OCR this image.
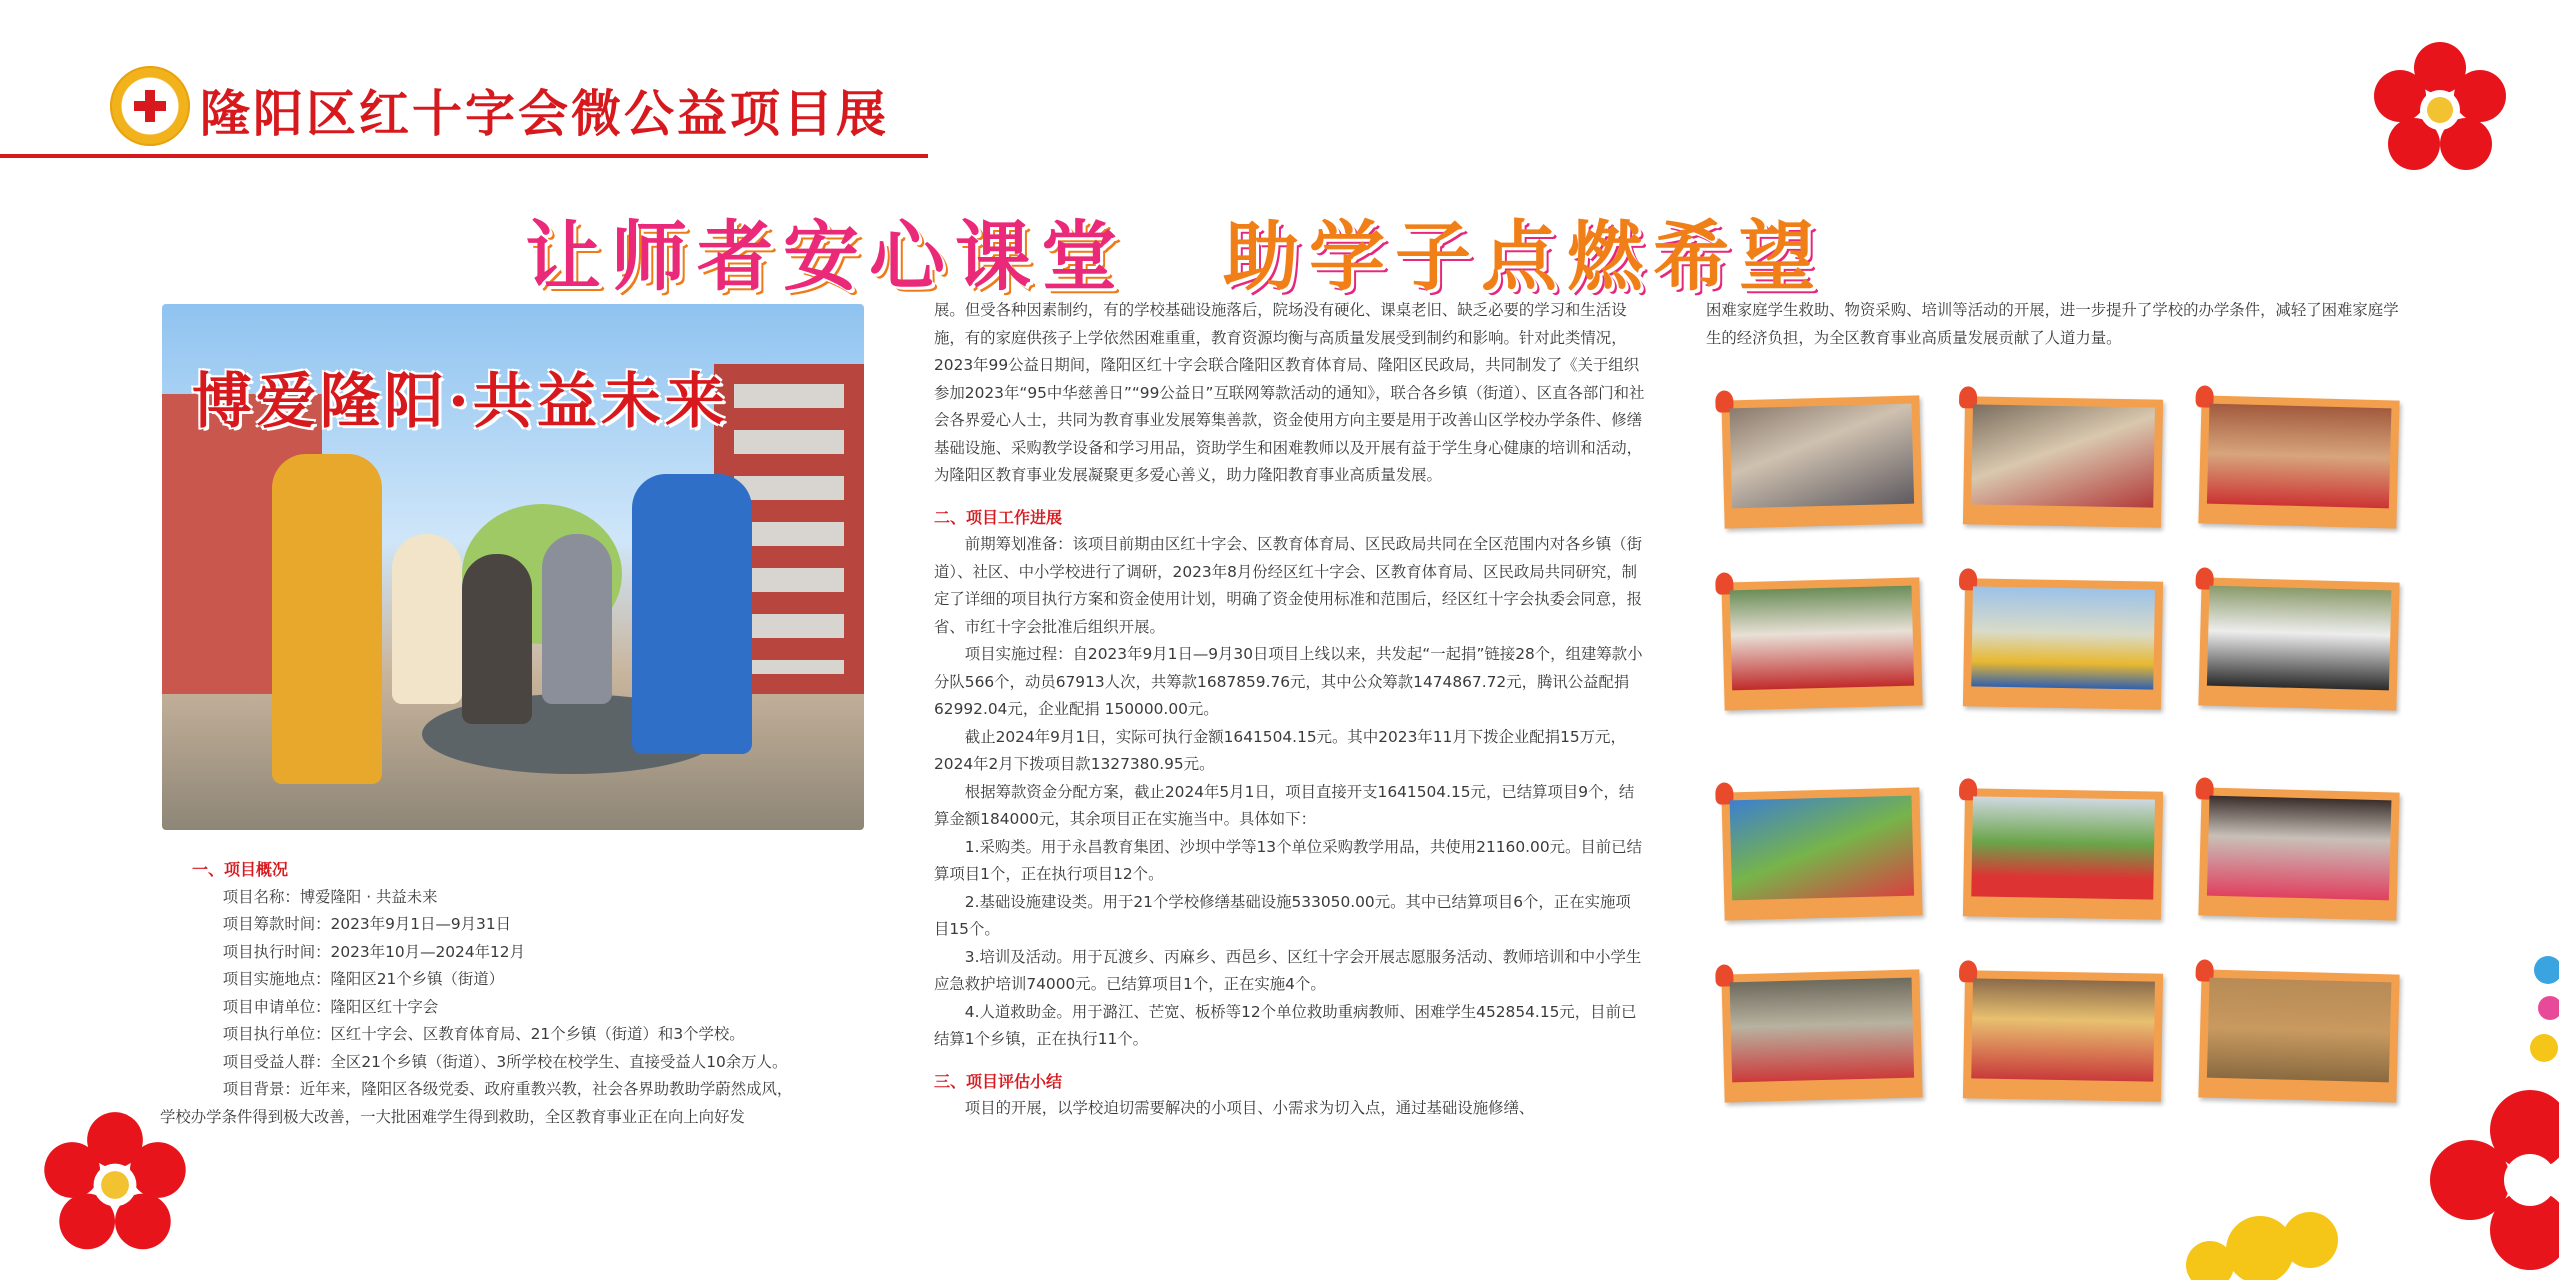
隆阳区红十字会微公益项目展
让师者安心课堂 助学子点燃希望
博爱隆阳·共益未来

一、项目概况

项目名称：博爱隆阳 · 共益未来

项目筹款时间：2023年9月1日—9月31日

项目执行时间：2023年10月—2024年12月

项目实施地点：隆阳区21个乡镇（街道）

项目申请单位：隆阳区红十字会

项目执行单位：区红十字会、区教育体育局、21个乡镇（街道）和3个学校。

项目受益人群：全区21个乡镇（街道）、3所学校在校学生、直接受益人10余万人。

项目背景：近年来，隆阳区各级党委、政府重教兴教，社会各界助教助学蔚然成风，

学校办学条件得到极大改善，一大批困难学生得到救助，全区教育事业正在向上向好发

展。但受各种因素制约，有的学校基础设施落后，院场没有硬化、课桌老旧、缺乏必要的学习和生活设施，有的家庭供孩子上学依然困难重重，教育资源均衡与高质量发展受到制约和影响。针对此类情况，2023年99公益日期间，隆阳区红十字会联合隆阳区教育体育局、隆阳区民政局，共同制发了《关于组织参加2023年“95中华慈善日”“99公益日”互联网筹款活动的通知》，联合各乡镇（街道）、区直各部门和社会各界爱心人士，共同为教育事业发展筹集善款，资金使用方向主要是用于改善山区学校办学条件、修缮基础设施、采购教学设备和学习用品，资助学生和困难教师以及开展有益于学生身心健康的培训和活动，为隆阳区教育事业发展凝聚更多爱心善义，助力隆阳教育事业高质量发展。

二、项目工作进展

前期筹划准备：该项目前期由区红十字会、区教育体育局、区民政局共同在全区范围内对各乡镇（街道）、社区、中小学校进行了调研，2023年8月份经区红十字会、区教育体育局、区民政局共同研究，制定了详细的项目执行方案和资金使用计划，明确了资金使用标准和范围后，经区红十字会执委会同意，报省、市红十字会批准后组织开展。

项目实施过程：自2023年9月1日—9月30日项目上线以来，共发起“一起捐”链接28个，组建筹款小分队566个，动员67913人次，共筹款1687859.76元，其中公众筹款1474867.72元，腾讯公益配捐 62992.04元，企业配捐 150000.00元。

截止2024年9月1日，实际可执行金额1641504.15元。其中2023年11月下拨企业配捐15万元，2024年2月下拨项目款1327380.95元。

根据筹款资金分配方案，截止2024年5月1日，项目直接开支1641504.15元，已结算项目9个，结算金额184000元，其余项目正在实施当中。具体如下：

1.采购类。用于永昌教育集团、沙坝中学等13个单位采购教学用品，共使用21160.00元。目前已结算项目1个，正在执行项目12个。

2.基础设施建设类。用于21个学校修缮基础设施533050.00元。其中已结算项目6个，正在实施项目15个。

3.培训及活动。用于瓦渡乡、丙麻乡、西邑乡、区红十字会开展志愿服务活动、教师培训和中小学生应急救护培训74000元。已结算项目1个，正在实施4个。

4.人道救助金。用于潞江、芒宽、板桥等12个单位救助重病教师、困难学生452854.15元，目前已结算1个乡镇，正在执行11个。

三、项目评估小结

项目的开展，以学校迫切需要解决的小项目、小需求为切入点，通过基础设施修缮、

困难家庭学生救助、物资采购、培训等活动的开展，进一步提升了学校的办学条件，减轻了困难家庭学生的经济负担，为全区教育事业高质量发展贡献了人道力量。
